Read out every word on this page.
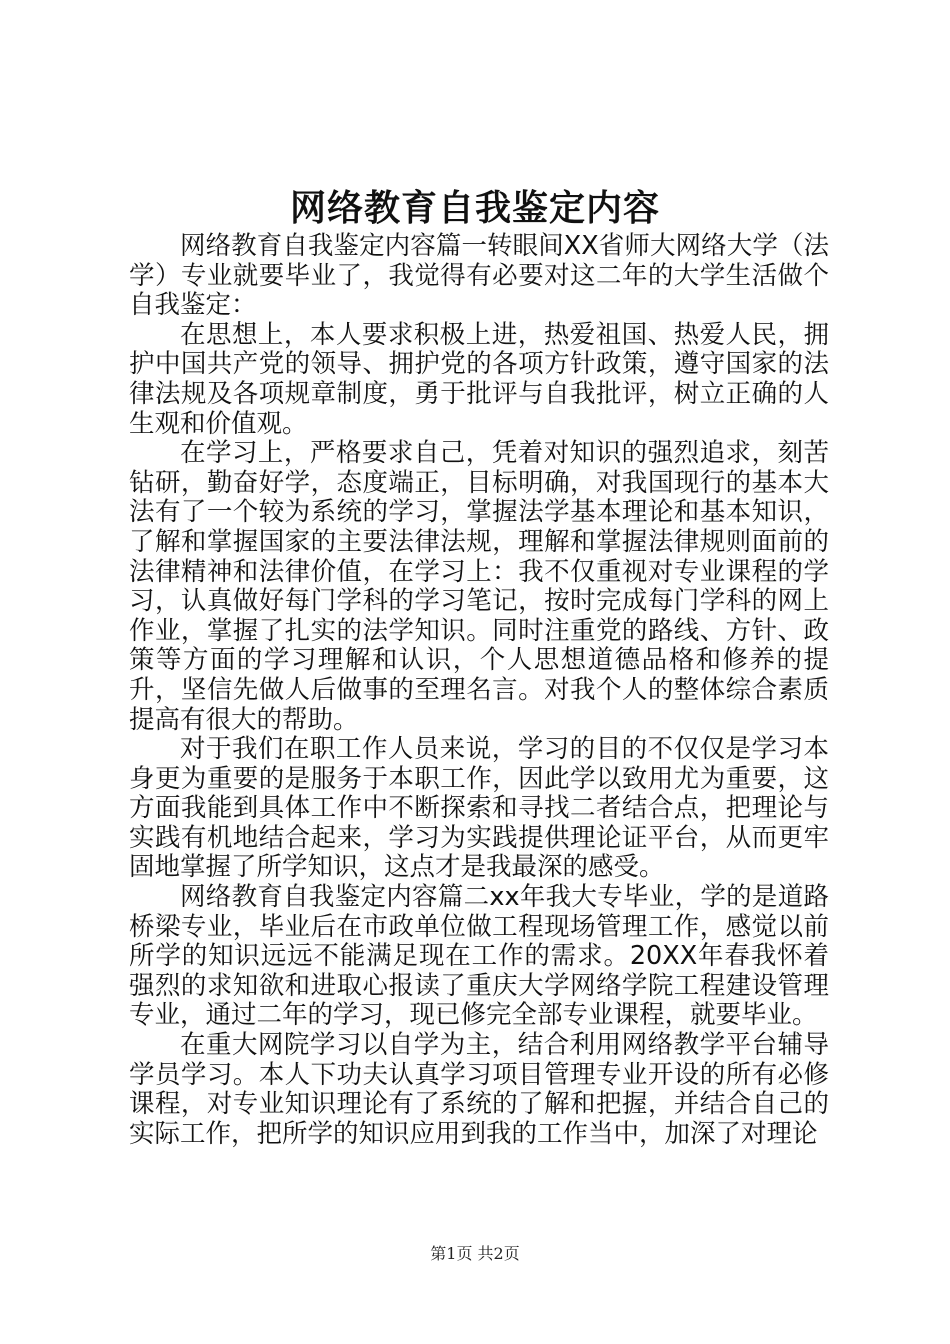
网络教育自我鉴定内容

网络教育自我鉴定内容篇一转眼间XX省师大网络大学（法学）专业就要毕业了，我觉得有必要对这二年的大学生活做个自我鉴定：

在思想上，本人要求积极上进，热爱祖国、热爱人民，拥护中国共产党的领导、拥护党的各项方针政策，遵守国家的法律法规及各项规章制度，勇于批评与自我批评，树立正确的人生观和价值观。

在学习上，严格要求自己，凭着对知识的强烈追求，刻苦钻研，勤奋好学，态度端正，目标明确，对我国现行的基本大法有了一个较为系统的学习，掌握法学基本理论和基本知识，了解和掌握国家的主要法律法规，理解和掌握法律规则面前的法律精神和法律价值，在学习上：我不仅重视对专业课程的学习，认真做好每门学科的学习笔记，按时完成每门学科的网上作业，掌握了扎实的法学知识。同时注重党的路线、方针、政策等方面的学习理解和认识，个人思想道德品格和修养的提升，坚信先做人后做事的至理名言。对我个人的整体综合素质提高有很大的帮助。

对于我们在职工作人员来说，学习的目的不仅仅是学习本身更为重要的是服务于本职工作，因此学以致用尤为重要，这方面我能到具体工作中不断探索和寻找二者结合点，把理论与实践有机地结合起来，学习为实践提供理论证平台，从而更牢固地掌握了所学知识，这点才是我最深的感受。

网络教育自我鉴定内容篇二xx年我大专毕业，学的是道路桥梁专业，毕业后在市政单位做工程现场管理工作，感觉以前所学的知识远远不能满足现在工作的需求。20XX年春我怀着强烈的求知欲和进取心报读了重庆大学网络学院工程建设管理专业，通过二年的学习，现已修完全部专业课程，就要毕业。

在重大网院学习以自学为主，结合利用网络教学平台辅导学员学习。本人下功夫认真学习项目管理专业开设的所有必修课程，对专业知识理论有了系统的了解和把握，并结合自己的实际工作，把所学的知识应用到我的工作当中，加深了对理论

第1页 共2页
